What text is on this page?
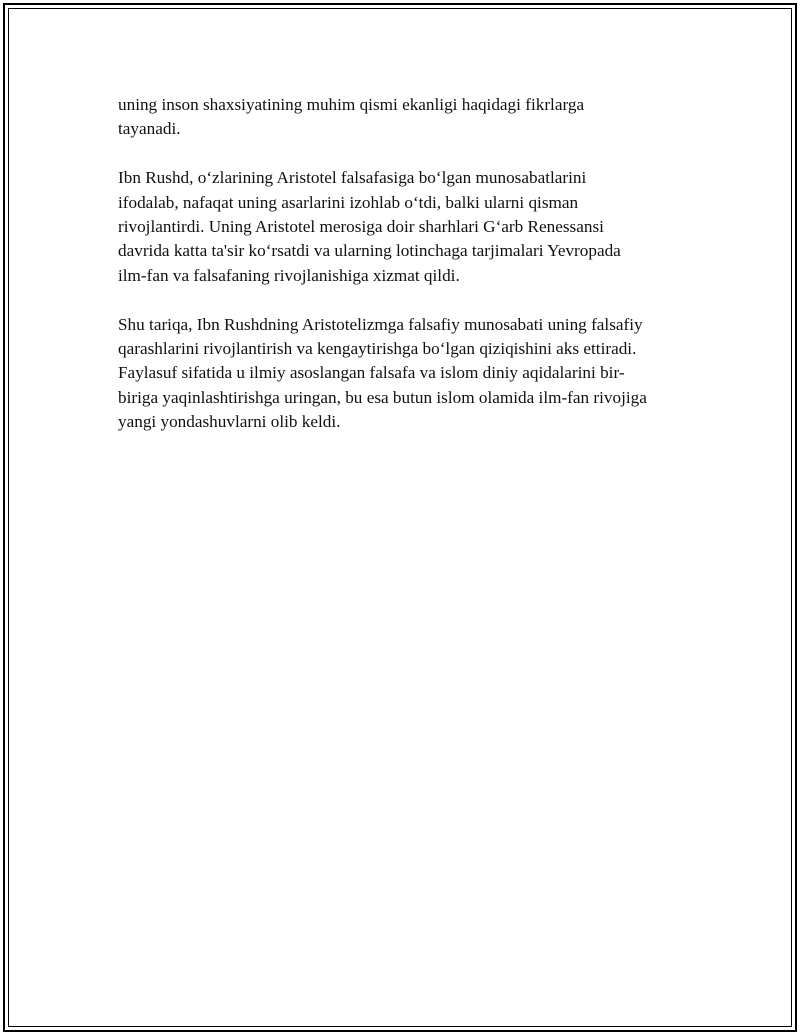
uning inson shaxsiyatining muhim qismi ekanligi haqidagi fikrlarga
tayanadi.

Ibn Rushd, o‘zlarining Aristotel falsafasiga bo‘lgan munosabatlarini
ifodalab, nafaqat uning asarlarini izohlab o‘tdi, balki ularni qisman
rivojlantirdi. Uning Aristotel merosiga doir sharhlari G‘arb Renessansi
davrida katta ta'sir ko‘rsatdi va ularning lotinchaga tarjimalari Yevropada
ilm-fan va falsafaning rivojlanishiga xizmat qildi.

Shu tariqa, Ibn Rushdning Aristotelizmga falsafiy munosabati uning falsafiy
qarashlarini rivojlantirish va kengaytirishga bo‘lgan qiziqishini aks ettiradi.
Faylasuf sifatida u ilmiy asoslangan falsafa va islom diniy aqidalarini bir-
biriga yaqinlashtirishga uringan, bu esa butun islom olamida ilm-fan rivojiga
yangi yondashuvlarni olib keldi.
